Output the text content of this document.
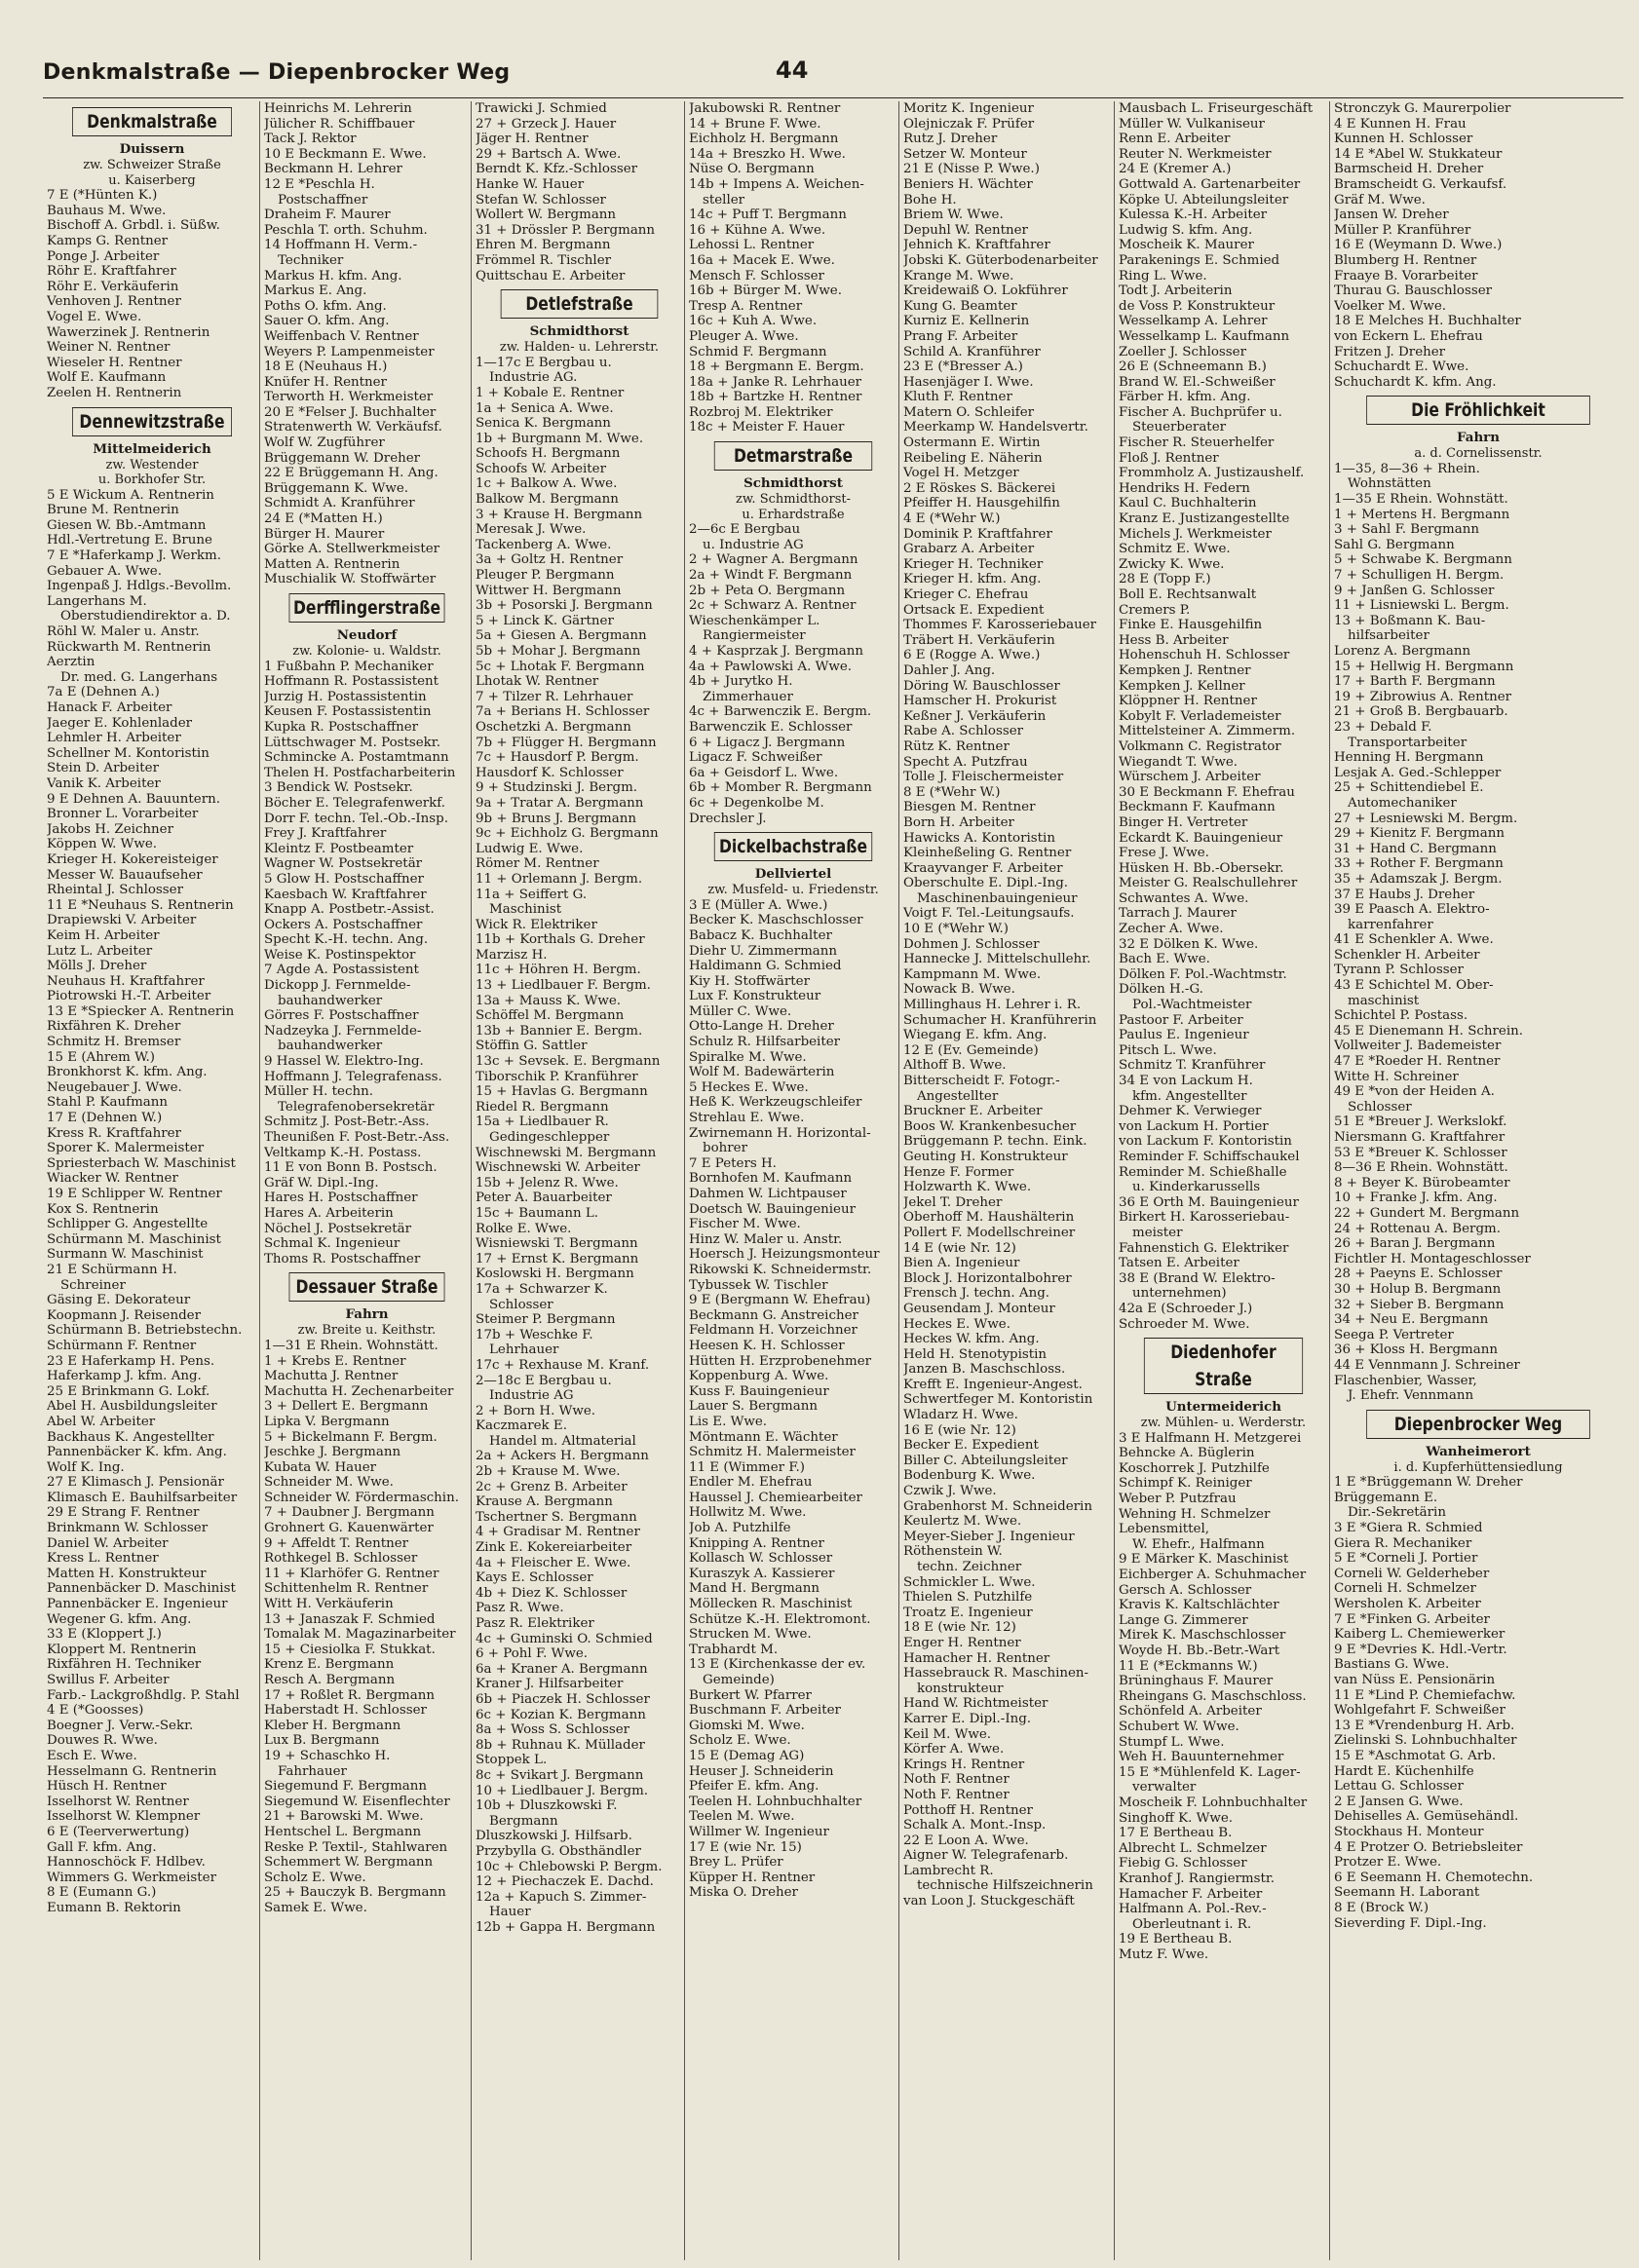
Denkmalstraße — Diepenbrocker Weg	44
Denkmalstraße
Duissern
zw. Schweizer Straße
u. Kaiserberg
7 E (*Hünten K.)
Bauhaus M. Wwe.
Bischoff A. Grbdl. i. Süßw.
Kamps G. Rentner
Ponge J. Arbeiter
Röhr E. Kraftfahrer
Röhr E. Verkäuferin
Venhoven J. Rentner
Vogel E. Wwe.
Wawerzinek J. Rentnerin
Weiner N. Rentner
Wieseler H. Rentner
Wolf E. Kaufmann
Zeelen H. Rentnerin
Dennewitzstraße
Mittelmeiderich
zw. Westender
u. Borkhofer Str.
5 E Wickum A. Rentnerin
Brune M. Rentnerin
Giesen W. Bb.-Amtmann
Hdl.-Vertretung E. Brune
7 E *Haferkamp J. Werkm.
Gebauer A. Wwe.
Ingenpaß J. Hdlgs.-Bevollm.
Langerhans M.
Oberstudiendirektor a. D.
Röhl W. Maler u. Anstr.
Rückwarth M. Rentnerin
Aerztin
Dr. med. G. Langerhans
7a E (Dehnen A.)
Hanack F. Arbeiter
Jaeger E. Kohlenlader
Lehmler H. Arbeiter
Schellner M. Kontoristin
Stein D. Arbeiter
Vanik K. Arbeiter
9 E Dehnen A. Bauuntern.
Bronner L. Vorarbeiter
Jakobs H. Zeichner
Köppen W. Wwe.
Krieger H. Kokereisteiger
Messer W. Bauaufseher
Rheintal J. Schlosser
11 E *Neuhaus S. Rentnerin
Drapiewski V. Arbeiter
Keim H. Arbeiter
Lutz L. Arbeiter
Mölls J. Dreher
Neuhaus H. Kraftfahrer
Piotrowski H.-T. Arbeiter
13 E *Spiecker A. Rentnerin
Rixfähren K. Dreher
Schmitz H. Bremser
15 E (Ahrem W.)
Bronkhorst K. kfm. Ang.
Neugebauer J. Wwe.
Stahl P. Kaufmann
17 E (Dehnen W.)
Kress R. Kraftfahrer
Sporer K. Malermeister
Spriesterbach W. Maschinist
Wiacker W. Rentner
19 E Schlipper W. Rentner
Kox S. Rentnerin
Schlipper G. Angestellte
Schürmann M. Maschinist
Surmann W. Maschinist
21 E Schürmann H.
Schreiner
Gäsing E. Dekorateur
Koopmann J. Reisender
Schürmann B. Betriebstechn.
Schürmann F. Rentner
23 E Haferkamp H. Pens.
Haferkamp J. kfm. Ang.
25 E Brinkmann G. Lokf.
Abel H. Ausbildungsleiter
Abel W. Arbeiter
Backhaus K. Angestellter
Pannenbäcker K. kfm. Ang.
Wolf K. Ing.
27 E Klimasch J. Pensionär
Klimasch E. Bauhilfsarbeiter
29 E Strang F. Rentner
Brinkmann W. Schlosser
Daniel W. Arbeiter
Kress L. Rentner
Matten H. Konstrukteur
Pannenbäcker D. Maschinist
Pannenbäcker E. Ingenieur
Wegener G. kfm. Ang.
33 E (Kloppert J.)
Kloppert M. Rentnerin
Rixfähren H. Techniker
Swillus F. Arbeiter
Farb.- Lackgroßhdlg. P. Stahl
4 E (*Goosses)
Boegner J. Verw.-Sekr.
Douwes R. Wwe.
Esch E. Wwe.
Hesselmann G. Rentnerin
Hüsch H. Rentner
Isselhorst W. Rentner
Isselhorst W. Klempner
6 E (Teerverwertung)
Gall F. kfm. Ang.
Hannoschöck F. Hdlbev.
Wimmers G. Werkmeister
8 E (Eumann G.)
Eumann B. Rektorin
Heinrichs M. Lehrerin
Jülicher R. Schiffbauer
Tack J. Rektor
10 E Beckmann E. Wwe.
Beckmann H. Lehrer
12 E *Peschla H.
Postschaffner
Draheim F. Maurer
Peschla T. orth. Schuhm.
14 Hoffmann H. Verm.-
Techniker
Markus H. kfm. Ang.
Markus E. Ang.
Poths O. kfm. Ang.
Sauer O. kfm. Ang.
Weiffenbach V. Rentner
Weyers P. Lampenmeister
18 E (Neuhaus H.)
Knüfer H. Rentner
Terworth H. Werkmeister
20 E *Felser J. Buchhalter
Stratenwerth W. Verkäufsf.
Wolf W. Zugführer
Brüggemann W. Dreher
22 E Brüggemann H. Ang.
Brüggemann K. Wwe.
Schmidt A. Kranführer
24 E (*Matten H.)
Bürger H. Maurer
Görke A. Stellwerkmeister
Matten A. Rentnerin
Muschialik W. Stoffwärter
Derfflingerstraße
Neudorf
zw. Kolonie- u. Waldstr.
1 Fußbahn P. Mechaniker
Hoffmann R. Postassistent
Jurzig H. Postassistentin
Keusen F. Postassistentin
Kupka R. Postschaffner
Lüttschwager M. Postsekr.
Schmincke A. Postamtmann
Thelen H. Postfacharbeiterin
3 Bendick W. Postsekr.
Böcher E. Telegrafenwerkf.
Dorr F. techn. Tel.-Ob.-Insp.
Frey J. Kraftfahrer
Kleintz F. Postbeamter
Wagner W. Postsekretär
5 Glow H. Postschaffner
Kaesbach W. Kraftfahrer
Knapp A. Postbetr.-Assist.
Ockers A. Postschaffner
Specht K.-H. techn. Ang.
Weise K. Postinspektor
7 Agde A. Postassistent
Dickopp J. Fernmelde-
bauhandwerker
Görres F. Postschaffner
Nadzeyka J. Fernmelde-
bauhandwerker
9 Hassel W. Elektro-Ing.
Hoffmann J. Telegrafenass.
Müller H. techn.
Telegrafenobersekretär
Schmitz J. Post-Betr.-Ass.
Theunißen F. Post-Betr.-Ass.
Veltkamp K.-H. Postass.
11 E von Bonn B. Postsch.
Gräf W. Dipl.-Ing.
Hares H. Postschaffner
Hares A. Arbeiterin
Nöchel J. Postsekretär
Schmal K. Ingenieur
Thoms R. Postschaffner
Dessauer Straße
Fahrn
zw. Breite u. Keithstr.
1—31 E Rhein. Wohnstätt.
1 + Krebs E. Rentner
Machutta J. Rentner
Machutta H. Zechenarbeiter
3 + Dellert E. Bergmann
Lipka V. Bergmann
5 + Bickelmann F. Bergm.
Jeschke J. Bergmann
Kubata W. Hauer
Schneider M. Wwe.
Schneider W. Fördermaschin.
7 + Daubner J. Bergmann
Grohnert G. Kauenwärter
9 + Affeldt T. Rentner
Rothkegel B. Schlosser
11 + Klarhöfer G. Rentner
Schittenhelm R. Rentner
Witt H. Verkäuferin
13 + Janaszak F. Schmied
Tomalak M. Magazinarbeiter
15 + Ciesiolka F. Stukkat.
Krenz E. Bergmann
Resch A. Bergmann
17 + Roßlet R. Bergmann
Haberstadt H. Schlosser
Kleber H. Bergmann
Lux B. Bergmann
19 + Schaschko H.
Fahrhauer
Siegemund F. Bergmann
Siegemund W. Eisenflechter
21 + Barowski M. Wwe.
Hentschel L. Bergmann
Reske P. Textil-, Stahlwaren
Schemmert W. Bergmann
Scholz E. Wwe.
25 + Bauczyk B. Bergmann
Samek E. Wwe.
Trawicki J. Schmied
27 + Grzeck J. Hauer
Jäger H. Rentner
29 + Bartsch A. Wwe.
Berndt K. Kfz.-Schlosser
Hanke W. Hauer
Stefan W. Schlosser
Wollert W. Bergmann
31 + Drössler P. Bergmann
Ehren M. Bergmann
Frömmel R. Tischler
Quittschau E. Arbeiter
Detlefstraße
Schmidthorst
zw. Halden- u. Lehrerstr.
1—17c E Bergbau u.
Industrie AG.
1 + Kobale E. Rentner
1a + Senica A. Wwe.
Senica K. Bergmann
1b + Burgmann M. Wwe.
Schoofs H. Bergmann
Schoofs W. Arbeiter
1c + Balkow A. Wwe.
Balkow M. Bergmann
3 + Krause H. Bergmann
Meresak J. Wwe.
Tackenberg A. Wwe.
3a + Goltz H. Rentner
Pleuger P. Bergmann
Wittwer H. Bergmann
3b + Posorski J. Bergmann
5 + Linck K. Gärtner
5a + Giesen A. Bergmann
5b + Mohar J. Bergmann
5c + Lhotak F. Bergmann
Lhotak W. Rentner
7 + Tilzer R. Lehrhauer
7a + Berians H. Schlosser
Oschetzki A. Bergmann
7b + Flügger H. Bergmann
7c + Hausdorf P. Bergm.
Hausdorf K. Schlosser
9 + Studzinski J. Bergm.
9a + Tratar A. Bergmann
9b + Bruns J. Bergmann
9c + Eichholz G. Bergmann
Ludwig E. Wwe.
Römer M. Rentner
11 + Orlemann J. Bergm.
11a + Seiffert G.
Maschinist
Wick R. Elektriker
11b + Korthals G. Dreher
Marzisz H.
11c + Höhren H. Bergm.
13 + Liedlbauer F. Bergm.
13a + Mauss K. Wwe.
Schöffel M. Bergmann
13b + Bannier E. Bergm.
Stöffin G. Sattler
13c + Sevsek. E. Bergmann
Tiborschik P. Kranführer
15 + Havlas G. Bergmann
Riedel R. Bergmann
15a + Liedlbauer R.
Gedingeschlepper
Wischnewski M. Bergmann
Wischnewski W. Arbeiter
15b + Jelenz R. Wwe.
Peter A. Bauarbeiter
15c + Baumann L.
Rolke E. Wwe.
Wisniewski T. Bergmann
17 + Ernst K. Bergmann
Koslowski H. Bergmann
17a + Schwarzer K.
Schlosser
Steimer P. Bergmann
17b + Weschke F.
Lehrhauer
17c + Rexhause M. Kranf.
2—18c E Bergbau u.
Industrie AG
2 + Born H. Wwe.
Kaczmarek E.
Handel m. Altmaterial
2a + Ackers H. Bergmann
2b + Krause M. Wwe.
2c + Grenz B. Arbeiter
Krause A. Bergmann
Tschertner S. Bergmann
4 + Gradisar M. Rentner
Zink E. Kokereiarbeiter
4a + Fleischer E. Wwe.
Kays E. Schlosser
4b + Diez K. Schlosser
Pasz R. Wwe.
Pasz R. Elektriker
4c + Guminski O. Schmied
6 + Pohl F. Wwe.
6a + Kraner A. Bergmann
Kraner J. Hilfsarbeiter
6b + Piaczek H. Schlosser
6c + Kozian K. Bergmann
8a + Woss S. Schlosser
8b + Ruhnau K. Müllader
Stoppek L.
8c + Svikart J. Bergmann
10 + Liedlbauer J. Bergm.
10b + Dluszkowski F.
Bergmann
Dluszkowski J. Hilfsarb.
Przybylla G. Obsthändler
10c + Chlebowski P. Bergm.
12 + Piechaczek E. Dachd.
12a + Kapuch S. Zimmer-
Hauer
12b + Gappa H. Bergmann
Jakubowski R. Rentner
14 + Brune F. Wwe.
Eichholz H. Bergmann
14a + Breszko H. Wwe.
Nüse O. Bergmann
14b + Impens A. Weichen-
steller
14c + Puff T. Bergmann
16 + Kühne A. Wwe.
Lehossi L. Rentner
16a + Macek E. Wwe.
Mensch F. Schlosser
16b + Bürger M. Wwe.
Tresp A. Rentner
16c + Kuh A. Wwe.
Pleuger A. Wwe.
Schmid F. Bergmann
18 + Bergmann E. Bergm.
18a + Janke R. Lehrhauer
18b + Bartzke H. Rentner
Rozbroj M. Elektriker
18c + Meister F. Hauer
Detmarstraße
Schmidthorst
zw. Schmidthorst-
u. Erhardstraße
2—6c E Bergbau
u. Industrie AG
2 + Wagner A. Bergmann
2a + Windt F. Bergmann
2b + Peta O. Bergmann
2c + Schwarz A. Rentner
Wieschenkämper L.
Rangiermeister
4 + Kasprzak J. Bergmann
4a + Pawlowski A. Wwe.
4b + Jurytko H.
Zimmerhauer
4c + Barwenczik E. Bergm.
Barwenczik E. Schlosser
6 + Ligacz J. Bergmann
Ligacz F. Schweißer
6a + Geisdorf L. Wwe.
6b + Momber R. Bergmann
6c + Degenkolbe M.
Drechsler J.
Dickelbachstraße
Dellviertel
zw. Musfeld- u. Friedenstr.
3 E (Müller A. Wwe.)
Becker K. Maschschlosser
Babacz K. Buchhalter
Diehr U. Zimmermann
Haldimann G. Schmied
Kiy H. Stoffwärter
Lux F. Konstrukteur
Müller C. Wwe.
Otto-Lange H. Dreher
Schulz R. Hilfsarbeiter
Spiralke M. Wwe.
Wolf M. Badewärterin
5 Heckes E. Wwe.
Heß K. Werkzeugschleifer
Strehlau E. Wwe.
Zwirnemann H. Horizontal-
bohrer
7 E Peters H.
Bornhofen M. Kaufmann
Dahmen W. Lichtpauser
Doetsch W. Bauingenieur
Fischer M. Wwe.
Hinz W. Maler u. Anstr.
Hoersch J. Heizungsmonteur
Rikowski K. Schneidermstr.
Tybussek W. Tischler
9 E (Bergmann W. Ehefrau)
Beckmann G. Anstreicher
Feldmann H. Vorzeichner
Heesen K. H. Schlosser
Hütten H. Erzprobenehmer
Koppenburg A. Wwe.
Kuss F. Bauingenieur
Lauer S. Bergmann
Lis E. Wwe.
Möntmann E. Wächter
Schmitz H. Malermeister
11 E (Wimmer F.)
Endler M. Ehefrau
Haussel J. Chemiearbeiter
Hollwitz M. Wwe.
Job A. Putzhilfe
Knipping A. Rentner
Kollasch W. Schlosser
Kuraszyk A. Kassierer
Mand H. Bergmann
Möllecken R. Maschinist
Schütze K.-H. Elektromont.
Strucken M. Wwe.
Trabhardt M.
13 E (Kirchenkasse der ev.
Gemeinde)
Burkert W. Pfarrer
Buschmann F. Arbeiter
Giomski M. Wwe.
Scholz E. Wwe.
15 E (Demag AG)
Heuser J. Schneiderin
Pfeifer E. kfm. Ang.
Teelen H. Lohnbuchhalter
Teelen M. Wwe.
Willmer W. Ingenieur
17 E (wie Nr. 15)
Brey L. Prüfer
Küpper H. Rentner
Miska O. Dreher
Moritz K. Ingenieur
Olejniczak F. Prüfer
Rutz J. Dreher
Setzer W. Monteur
21 E (Nisse P. Wwe.)
Beniers H. Wächter
Bohe H.
Briem W. Wwe.
Depuhl W. Rentner
Jehnich K. Kraftfahrer
Jobski K. Güterbodenarbeiter
Krange M. Wwe.
Kreidewaiß O. Lokführer
Kung G. Beamter
Kurniz E. Kellnerin
Prang F. Arbeiter
Schild A. Kranführer
23 E (*Bresser A.)
Hasenjäger I. Wwe.
Kluth F. Rentner
Matern O. Schleifer
Meerkamp W. Handelsvertr.
Ostermann E. Wirtin
Reibeling E. Näherin
Vogel H. Metzger
2 E Röskes S. Bäckerei
Pfeiffer H. Hausgehilfin
4 E (*Wehr W.)
Dominik P. Kraftfahrer
Grabarz A. Arbeiter
Krieger H. Techniker
Krieger H. kfm. Ang.
Krieger C. Ehefrau
Ortsack E. Expedient
Thommes F. Karosseriebauer
Träbert H. Verkäuferin
6 E (Rogge A. Wwe.)
Dahler J. Ang.
Döring W. Bauschlosser
Hamscher H. Prokurist
Keßner J. Verkäuferin
Rabe A. Schlosser
Rütz K. Rentner
Specht A. Putzfrau
Tolle J. Fleischermeister
8 E (*Wehr W.)
Biesgen M. Rentner
Born H. Arbeiter
Hawicks A. Kontoristin
Kleinheßeling G. Rentner
Kraayvanger F. Arbeiter
Oberschulte E. Dipl.-Ing.
Maschinenbauingenieur
Voigt F. Tel.-Leitungsaufs.
10 E (*Wehr W.)
Dohmen J. Schlosser
Hannecke J. Mittelschullehr.
Kampmann M. Wwe.
Nowack B. Wwe.
Millinghaus H. Lehrer i. R.
Schumacher H. Kranführerin
Wiegang E. kfm. Ang.
12 E (Ev. Gemeinde)
Althoff B. Wwe.
Bitterscheidt F. Fotogr.-
Angestellter
Bruckner E. Arbeiter
Boos W. Krankenbesucher
Brüggemann P. techn. Eink.
Geuting H. Konstrukteur
Henze F. Former
Holzwarth K. Wwe.
Jekel T. Dreher
Oberhoff M. Haushälterin
Pollert F. Modellschreiner
14 E (wie Nr. 12)
Bien A. Ingenieur
Block J. Horizontalbohrer
Frensch J. techn. Ang.
Geusendam J. Monteur
Heckes E. Wwe.
Heckes W. kfm. Ang.
Held H. Stenotypistin
Janzen B. Maschschloss.
Krefft E. Ingenieur-Angest.
Schwertfeger M. Kontoristin
Wladarz H. Wwe.
16 E (wie Nr. 12)
Becker E. Expedient
Biller C. Abteilungsleiter
Bodenburg K. Wwe.
Czwik J. Wwe.
Grabenhorst M. Schneiderin
Keulertz M. Wwe.
Meyer-Sieber J. Ingenieur
Röthenstein W.
techn. Zeichner
Schmickler L. Wwe.
Thielen S. Putzhilfe
Troatz E. Ingenieur
18 E (wie Nr. 12)
Enger H. Rentner
Hamacher H. Rentner
Hassebrauck R. Maschinen-
konstrukteur
Hand W. Richtmeister
Karrer E. Dipl.-Ing.
Keil M. Wwe.
Körfer A. Wwe.
Krings H. Rentner
Noth F. Rentner
Noth F. Rentner
Potthoff H. Rentner
Schalk A. Mont.-Insp.
22 E Loon A. Wwe.
Aigner W. Telegrafenarb.
Lambrecht R.
technische Hilfszeichnerin
van Loon J. Stuckgeschäft
Mausbach L. Friseurgeschäft
Müller W. Vulkaniseur
Renn E. Arbeiter
Reuter N. Werkmeister
24 E (Kremer A.)
Gottwald A. Gartenarbeiter
Köpke U. Abteilungsleiter
Kulessa K.-H. Arbeiter
Ludwig S. kfm. Ang.
Moscheik K. Maurer
Parakenings E. Schmied
Ring L. Wwe.
Todt J. Arbeiterin
de Voss P. Konstrukteur
Wesselkamp A. Lehrer
Wesselkamp L. Kaufmann
Zoeller J. Schlosser
26 E (Schneemann B.)
Brand W. El.-Schweißer
Färber H. kfm. Ang.
Fischer A. Buchprüfer u.
Steuerberater
Fischer R. Steuerhelfer
Floß J. Rentner
Frommholz A. Justizaushelf.
Hendriks H. Federn
Kaul C. Buchhalterin
Kranz E. Justizangestellte
Michels J. Werkmeister
Schmitz E. Wwe.
Zwicky K. Wwe.
28 E (Topp F.)
Boll E. Rechtsanwalt
Cremers P.
Finke E. Hausgehilfin
Hess B. Arbeiter
Hohenschuh H. Schlosser
Kempken J. Rentner
Kempken J. Kellner
Klöppner H. Rentner
Kobylt F. Verlademeister
Mittelsteiner A. Zimmerm.
Volkmann C. Registrator
Wiegandt T. Wwe.
Würschem J. Arbeiter
30 E Beckmann F. Ehefrau
Beckmann F. Kaufmann
Binger H. Vertreter
Eckardt K. Bauingenieur
Frese J. Wwe.
Hüsken H. Bb.-Obersekr.
Meister G. Realschullehrer
Schwantes A. Wwe.
Tarrach J. Maurer
Zecher A. Wwe.
32 E Dölken K. Wwe.
Bach E. Wwe.
Dölken F. Pol.-Wachtmstr.
Dölken H.-G.
Pol.-Wachtmeister
Pastoor F. Arbeiter
Paulus E. Ingenieur
Pitsch L. Wwe.
Schmitz T. Kranführer
34 E von Lackum H.
kfm. Angestellter
Dehmer K. Verwieger
von Lackum H. Portier
von Lackum F. Kontoristin
Reminder F. Schiffschaukel
Reminder M. Schießhalle
u. Kinderkarussells
36 E Orth M. Bauingenieur
Birkert H. Karosseriebau-
meister
Fahnenstich G. Elektriker
Tatsen E. Arbeiter
38 E (Brand W. Elektro-
unternehmen)
42a E (Schroeder J.)
Schroeder M. Wwe.
Diedenhofer Straße
Untermeiderich
zw. Mühlen- u. Werderstr.
3 E Halfmann H. Metzgerei
Behncke A. Büglerin
Koschorrek J. Putzhilfe
Schimpf K. Reiniger
Weber P. Putzfrau
Wehning H. Schmelzer
Lebensmittel,
W. Ehefr., Halfmann
9 E Märker K. Maschinist
Eichberger A. Schuhmacher
Gersch A. Schlosser
Kravis K. Kaltschlächter
Lange G. Zimmerer
Mirek K. Maschschlosser
Woyde H. Bb.-Betr.-Wart
11 E (*Eckmanns W.)
Brüninghaus F. Maurer
Rheingans G. Maschschloss.
Schönfeld A. Arbeiter
Schubert W. Wwe.
Stumpf L. Wwe.
Weh H. Bauunternehmer
15 E *Mühlenfeld K. Lager-
verwalter
Moscheik F. Lohnbuchhalter
Singhoff K. Wwe.
17 E Bertheau B.
Albrecht L. Schmelzer
Fiebig G. Schlosser
Kranhof J. Rangiermstr.
Hamacher F. Arbeiter
Halfmann A. Pol.-Rev.-
Oberleutnant i. R.
19 E Bertheau B.
Mutz F. Wwe.
Stronczyk G. Maurerpolier
4 E Kunnen H. Frau
Kunnen H. Schlosser
14 E *Abel W. Stukkateur
Barmscheid H. Dreher
Bramscheidt G. Verkaufsf.
Gräf M. Wwe.
Jansen W. Dreher
Müller P. Kranführer
16 E (Weymann D. Wwe.)
Blumberg H. Rentner
Fraaye B. Vorarbeiter
Thurau G. Bauschlosser
Voelker M. Wwe.
18 E Melches H. Buchhalter
von Eckern L. Ehefrau
Fritzen J. Dreher
Schuchardt E. Wwe.
Schuchardt K. kfm. Ang.
Die Fröhlichkeit
Fahrn
a. d. Cornelissenstr.
1—35, 8—36 + Rhein.
Wohnstätten
1—35 E Rhein. Wohnstätt.
1 + Mertens H. Bergmann
3 + Sahl F. Bergmann
Sahl G. Bergmann
5 + Schwabe K. Bergmann
7 + Schulligen H. Bergm.
9 + Janßen G. Schlosser
11 + Lisniewski L. Bergm.
13 + Boßmann K. Bau-
hilfsarbeiter
Lorenz A. Bergmann
15 + Hellwig H. Bergmann
17 + Barth F. Bergmann
19 + Zibrowius A. Rentner
21 + Groß B. Bergbauarb.
23 + Debald F.
Transportarbeiter
Henning H. Bergmann
Lesjak A. Ged.-Schlepper
25 + Schittendiebel E.
Automechaniker
27 + Lesniewski M. Bergm.
29 + Kienitz F. Bergmann
31 + Hand C. Bergmann
33 + Rother F. Bergmann
35 + Adamszak J. Bergm.
37 E Haubs J. Dreher
39 E Paasch A. Elektro-
karrenfahrer
41 E Schenkler A. Wwe.
Schenkler H. Arbeiter
Tyrann P. Schlosser
43 E Schichtel M. Ober-
maschinist
Schichtel P. Postass.
45 E Dienemann H. Schrein.
Vollweiter J. Bademeister
47 E *Roeder H. Rentner
Witte H. Schreiner
49 E *von der Heiden A.
Schlosser
51 E *Breuer J. Werkslokf.
Niersmann G. Kraftfahrer
53 E *Breuer K. Schlosser
8—36 E Rhein. Wohnstätt.
8 + Beyer K. Bürobeamter
10 + Franke J. kfm. Ang.
22 + Gundert M. Bergmann
24 + Rottenau A. Bergm.
26 + Baran J. Bergmann
Fichtler H. Montageschlosser
28 + Paeyns E. Schlosser
30 + Holup B. Bergmann
32 + Sieber B. Bergmann
34 + Neu E. Bergmann
Seega P. Vertreter
36 + Kloss H. Bergmann
44 E Vennmann J. Schreiner
Flaschenbier, Wasser,
J. Ehefr. Vennmann
Diepenbrocker Weg
Wanheimerort
i. d. Kupferhüttensiedlung
1 E *Brüggemann W. Dreher
Brüggemann E.
Dir.-Sekretärin
3 E *Giera R. Schmied
Giera R. Mechaniker
5 E *Corneli J. Portier
Corneli W. Gelderheber
Corneli H. Schmelzer
Wersholen K. Arbeiter
7 E *Finken G. Arbeiter
Kaiberg L. Chemiewerker
9 E *Devries K. Hdl.-Vertr.
Bastians G. Wwe.
van Nüss E. Pensionärin
11 E *Lind P. Chemiefachw.
Wohlgefahrt F. Schweißer
13 E *Vrendenburg H. Arb.
Zielinski S. Lohnbuchhalter
15 E *Aschmotat G. Arb.
Hardt E. Küchenhilfe
Lettau G. Schlosser
2 E Jansen G. Wwe.
Dehiselles A. Gemüsehändl.
Stockhaus H. Monteur
4 E Protzer O. Betriebsleiter
Protzer E. Wwe.
6 E Seemann H. Chemotechn.
Seemann H. Laborant
8 E (Brock W.)
Sieverding F. Dipl.-Ing.
